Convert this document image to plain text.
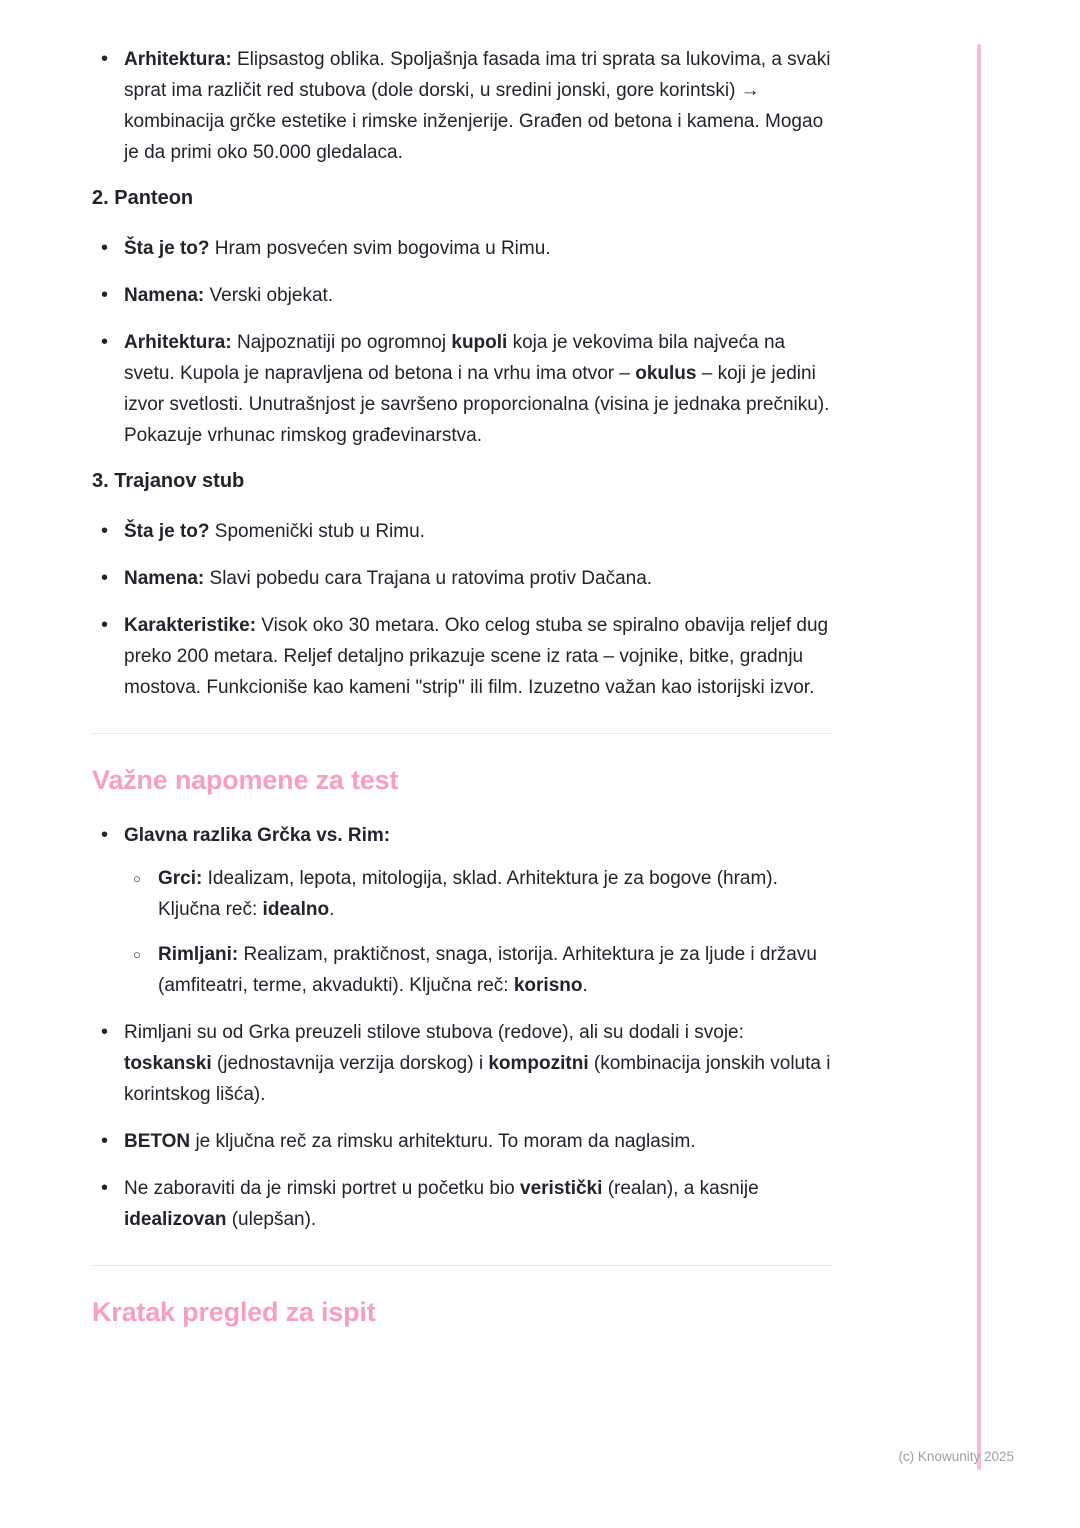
• Arhitektura: Elipsastog oblika. Spoljašnja fasada ima tri sprata sa lukovima, a svaki sprat ima različit red stubova (dole dorski, u sredini jonski, gore korintski) → kombinacija grčke estetike i rimske inženjerije. Građen od betona i kamena. Mogao je da primi oko 50.000 gledalaca.
2. Panteon
• Šta je to? Hram posvećen svim bogovima u Rimu.
• Namena: Verski objekat.
• Arhitektura: Najpoznatiji po ogromnoj kupoli koja je vekovima bila najveća na svetu. Kupola je napravljena od betona i na vrhu ima otvor – okulus – koji je jedini izvor svetlosti. Unutrašnjost je savršeno proporcionalna (visina je jednaka prečniku). Pokazuje vrhunac rimskog građevinarstva.
3. Trajanov stub
• Šta je to? Spomenički stub u Rimu.
• Namena: Slavi pobedu cara Trajana u ratovima protiv Dačana.
• Karakteristike: Visok oko 30 metara. Oko celog stuba se spiralno obavija reljef dug preko 200 metara. Reljef detaljno prikazuje scene iz rata – vojnike, bitke, gradnju mostova. Funkcioniše kao kameni "strip" ili film. Izuzetno važan kao istorijski izvor.
Važne napomene za test
• Glavna razlika Grčka vs. Rim:
○ Grci: Idealizam, lepota, mitologija, sklad. Arhitektura je za bogove (hram). Ključna reč: idealno.
○ Rimljani: Realizam, praktičnost, snaga, istorija. Arhitektura je za ljude i državu (amfiteatri, terme, akvadukti). Ključna reč: korisno.
• Rimljani su od Grka preuzeli stilove stubova (redove), ali su dodali i svoje: toskanski (jednostavnija verzija dorskog) i kompozitni (kombinacija jonskih voluta i korintskog lišća).
• BETON je ključna reč za rimsku arhitekturu. To moram da naglasim.
• Ne zaboraviti da je rimski portret u početku bio veristički (realan), a kasnije idealizovan (ulepšan).
Kratak pregled za ispit
(c) Knowunity 2025
